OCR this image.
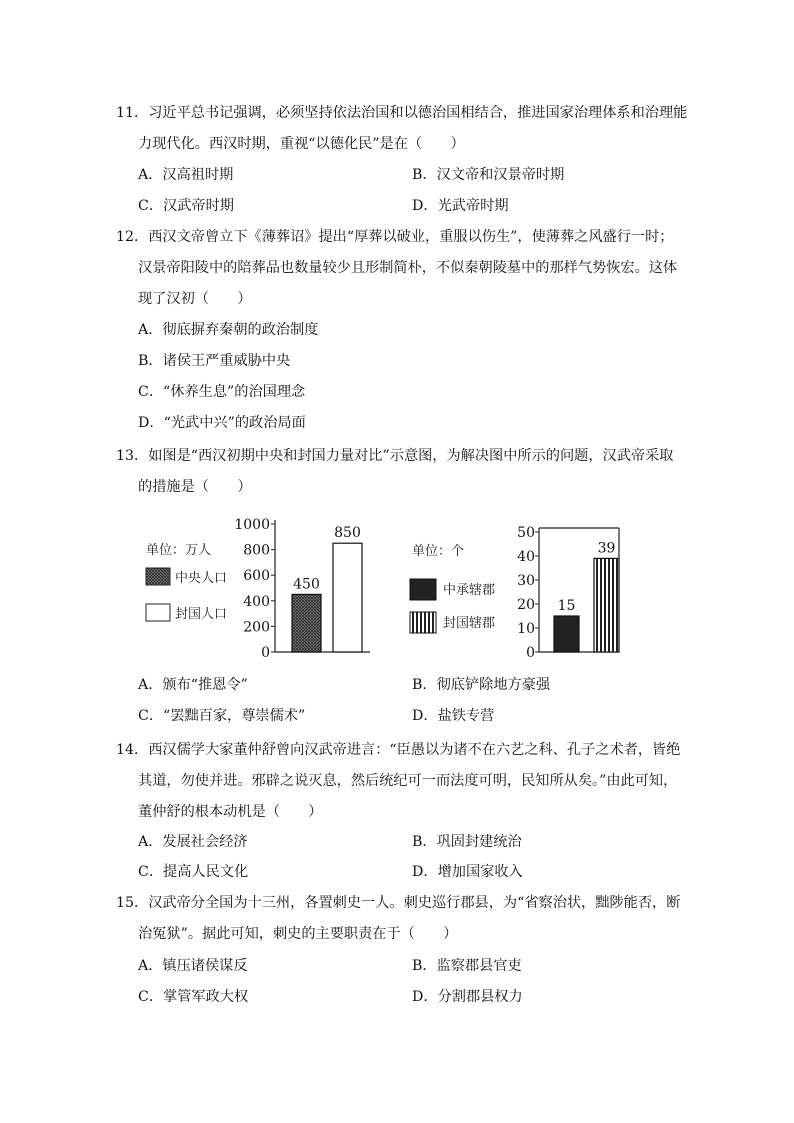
11．习近平总书记强调，必须坚持依法治国和以德治国相结合，推进国家治理体系和治理能
力现代化。西汉时期，重视“以德化民”是在（　　）
A．汉高祖时期	B．汉文帝和汉景帝时期
C．汉武帝时期	D．光武帝时期
12．西汉文帝曾立下《薄葬诏》提出“厚葬以破业，重服以伤生”，使薄葬之风盛行一时；
汉景帝阳陵中的陪葬品也数量较少且形制简朴，不似秦朝陵墓中的那样气势恢宏。这体
现了汉初（　　）
A．彻底摒弃秦朝的政治制度
B．诸侯王严重威胁中央
C．“休养生息”的治国理念
D．“光武中兴”的政治局面
13．如图是“西汉初期中央和封国力量对比”示意图，为解决图中所示的问题，汉武帝采取
的措施是（　　）
单位：万人
中央人口
封国人口
0
200
400
600
800
1000
450
850
单位：个
中承辖郡
封国辖郡
0
10
20
30
40
50
15
39
A．颁布“推恩令”	B．彻底铲除地方豪强
C．“罢黜百家，尊崇儒术”	D．盐铁专营
14．西汉儒学大家董仲舒曾向汉武帝进言：“臣愚以为诸不在六艺之科、孔子之术者，皆绝
其道，勿使并进。邪辟之说灭息，然后统纪可一而法度可明，民知所从矣。”由此可知，
董仲舒的根本动机是（　　）
A．发展社会经济	B．巩固封建统治
C．提高人民文化	D．增加国家收入
15．汉武帝分全国为十三州，各置刺史一人。刺史巡行郡县，为“省察治状，黜陟能否，断
治冤狱”。据此可知，刺史的主要职责在于（　　）
A．镇压诸侯谋反	B．监察郡县官吏
C．掌管军政大权	D．分割郡县权力
